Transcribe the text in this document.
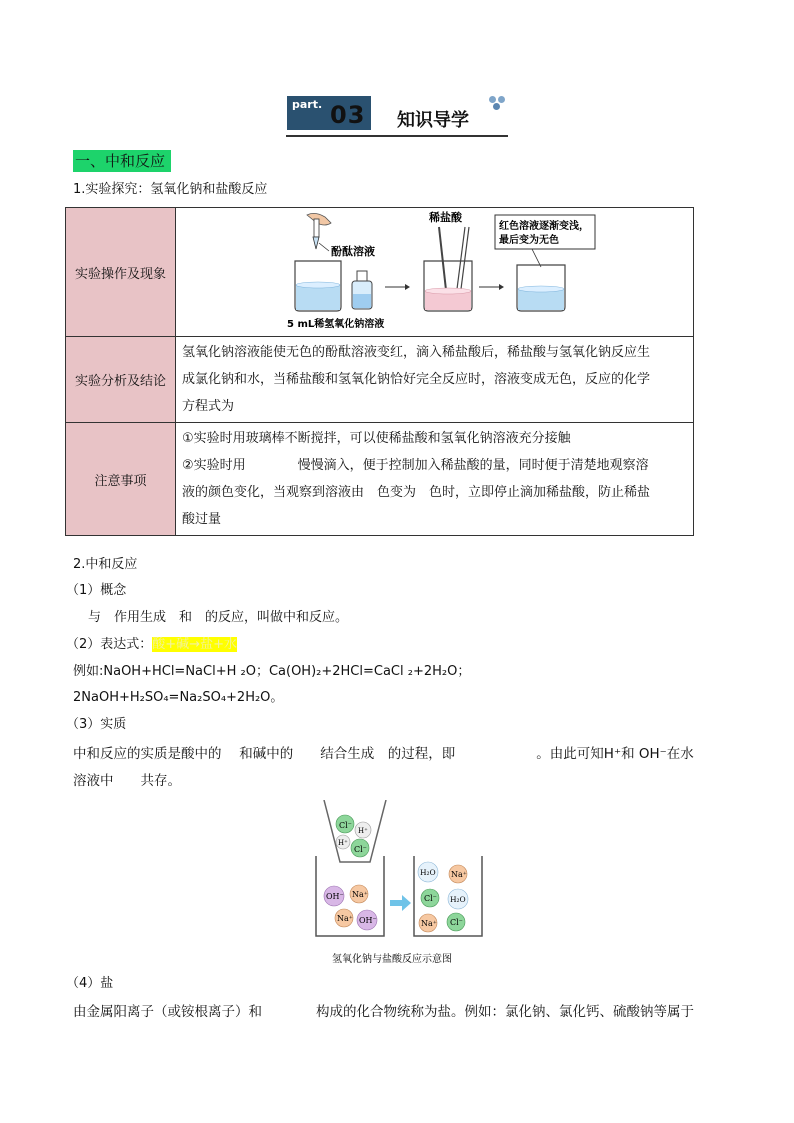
part. 03 知识导学
一、中和反应
1.实验探究：氢氧化钠和盐酸反应
实验操作及现象	酚酞溶液
5 mL稀氢氧化钠溶液
稀盐酸
红色溶液逐渐变浅，
最后变为无色

实验分析及结论	氢氧化钠溶液能使无色的酚酞溶液变红，滴入稀盐酸后，稀盐酸与氢氧化钠反应生
成氯化钠和水，当稀盐酸和氢氧化钠恰好完全反应时，溶液变成无色，反应的化学
方程式为

注意事项	①实验时用玻璃棒不断搅拌，可以使稀盐酸和氢氧化钠溶液充分接触
②实验时用　　　　慢慢滴入，便于控制加入稀盐酸的量，同时便于清楚地观察溶
液的颜色变化，当观察到溶液由　色变为　色时，立即停止滴加稀盐酸，防止稀盐
酸过量
2.中和反应
（1）概念
与　作用生成　和　的反应，叫做中和反应。
（2）表达式：酸+碱→盐+水
例如:NaOH+HCl=NaCl+H ₂O；Ca(OH)₂+2HCl=CaCl ₂+2H₂O；
2NaOH+H₂SO₄=Na₂SO₄+2H₂O。
（3）实质
中和反应的实质是酸中的　 和碱中的　　结合生成　的过程，即　　　　　　。由此可知H⁺和 OH⁻在水
溶液中　　共存。
Cl⁻
H⁺
H⁺
Cl⁻
OH⁻ Na⁺
Na⁺ OH⁻
H₂O Na⁺
Cl⁻ H₂O
Na⁺ Cl⁻
氢氧化钠与盐酸反应示意图
（4）盐
由金属阳离子（或铵根离子）和　　　　构成的化合物统称为盐。例如：氯化钠、氯化钙、硫酸钠等属于
